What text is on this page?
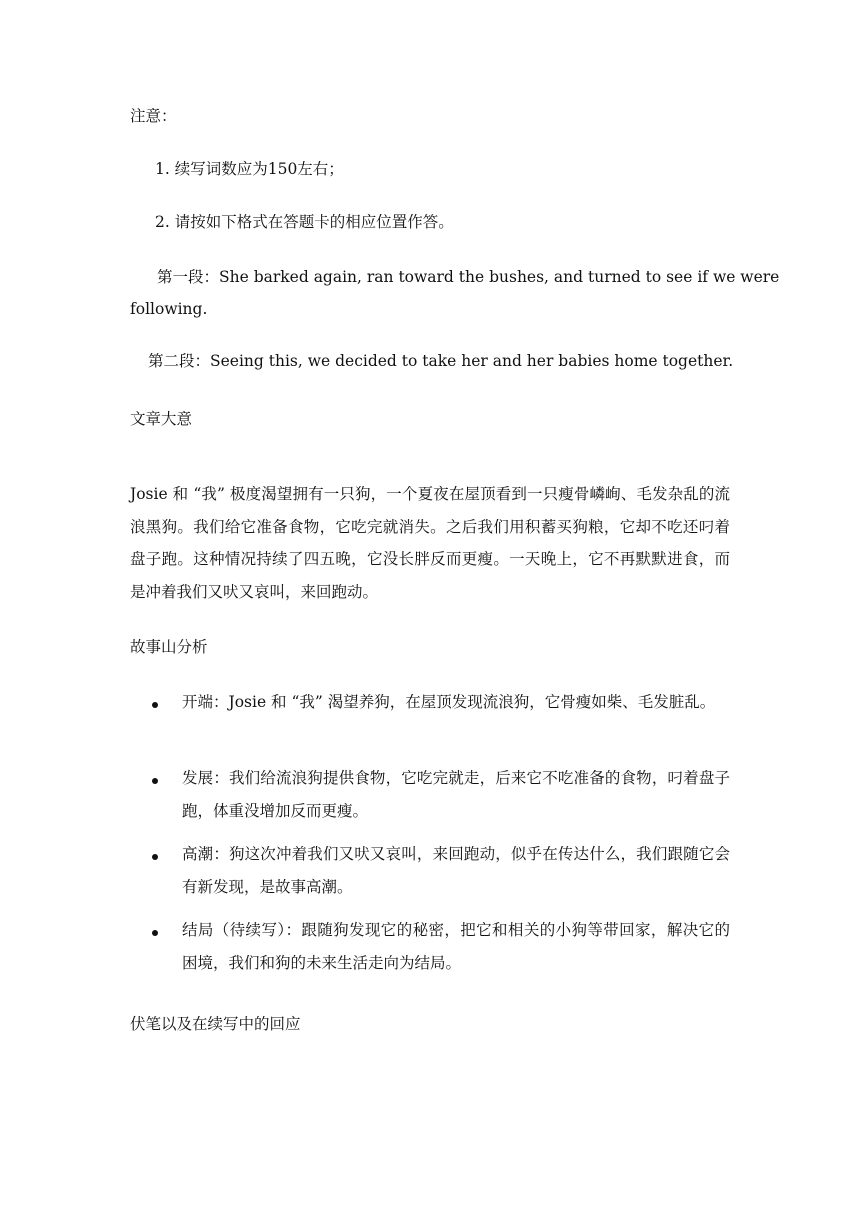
注意：
1. 续写词数应为150左右；
2. 请按如下格式在答题卡的相应位置作答。
第一段：She barked again, ran toward the bushes, and turned to see if we were
following.
第二段：Seeing this, we decided to take her and her babies home together.
文章大意
Josie 和 “我” 极度渴望拥有一只狗，一个夏夜在屋顶看到一只瘦骨嶙峋、毛发杂乱的流浪黑狗。我们给它准备食物，它吃完就消失。之后我们用积蓄买狗粮，它却不吃还叼着盘子跑。这种情况持续了四五晚，它没长胖反而更瘦。一天晚上，它不再默默进食，而是冲着我们又吠又哀叫，来回跑动。
故事山分析
开端：Josie 和 “我” 渴望养狗，在屋顶发现流浪狗，它骨瘦如柴、毛发脏乱。
发展：我们给流浪狗提供食物，它吃完就走，后来它不吃准备的食物，叼着盘子跑，体重没增加反而更瘦。
高潮：狗这次冲着我们又吠又哀叫，来回跑动，似乎在传达什么，我们跟随它会有新发现，是故事高潮。
结局（待续写）：跟随狗发现它的秘密，把它和相关的小狗等带回家，解决它的困境，我们和狗的未来生活走向为结局。
伏笔以及在续写中的回应
